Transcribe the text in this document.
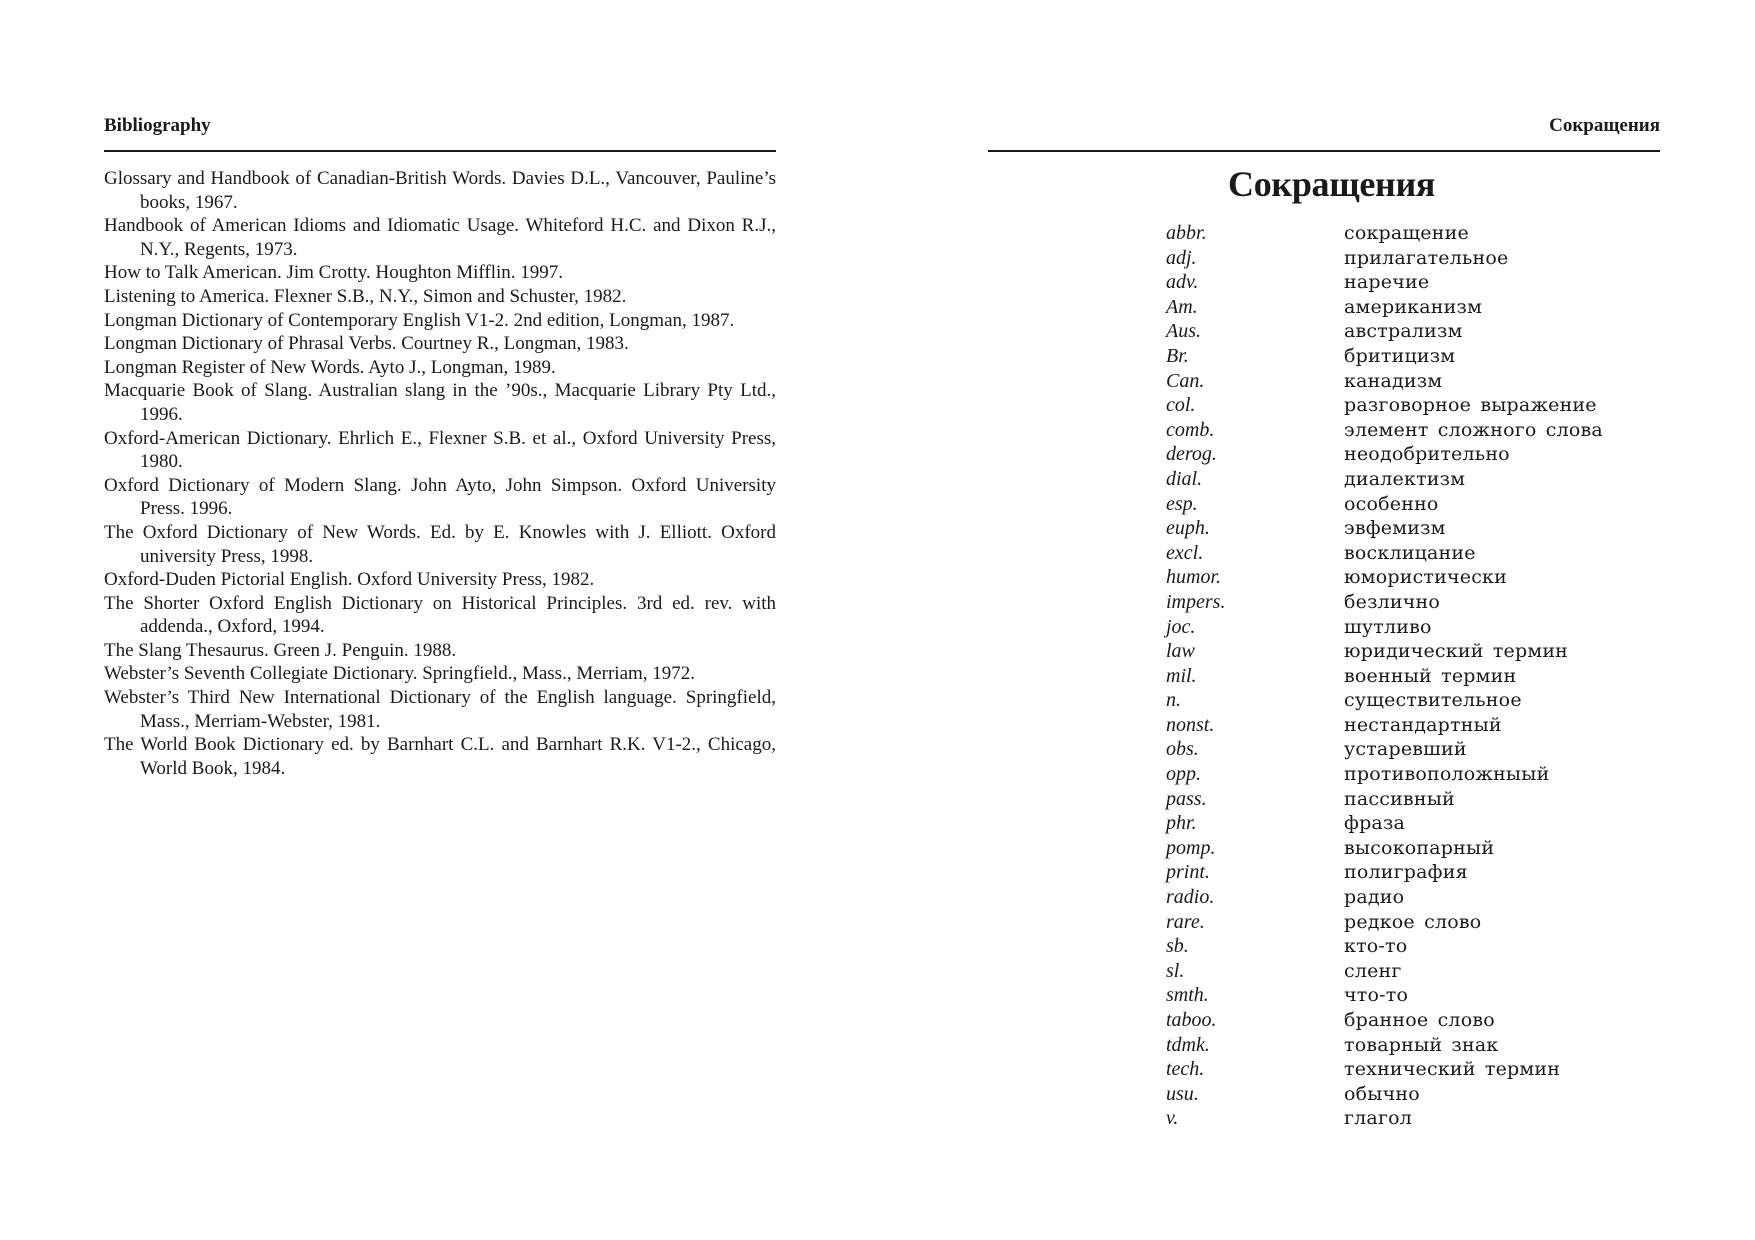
Bibliography
Glossary and Handbook of Canadian-British Words. Davies D.L., Vancouver, Pauline’s books, 1967.
Handbook of American Idioms and Idiomatic Usage. Whiteford H.C. and Dixon R.J., N.Y., Regents, 1973.
How to Talk American. Jim Crotty. Houghton Mifflin. 1997.
Listening to America. Flexner S.B., N.Y., Simon and Schuster, 1982.
Longman Dictionary of Contemporary English V1-2. 2nd edition, Longman, 1987.
Longman Dictionary of Phrasal Verbs. Courtney R., Longman, 1983.
Longman Register of New Words. Ayto J., Longman, 1989.
Macquarie Book of Slang. Australian slang in the ’90s., Macquarie Library Pty Ltd., 1996.
Oxford-American Dictionary. Ehrlich E., Flexner S.B. et al., Oxford University Press, 1980.
Oxford Dictionary of Modern Slang. John Ayto, John Simpson. Oxford University Press. 1996.
The Oxford Dictionary of New Words. Ed. by E. Knowles with J. Elliott. Oxford university Press, 1998.
Oxford-Duden Pictorial English. Oxford University Press, 1982.
The Shorter Oxford English Dictionary on Historical Principles. 3rd ed. rev. with addenda., Oxford, 1994.
The Slang Thesaurus. Green J. Penguin. 1988.
Webster’s Seventh Collegiate Dictionary. Springfield., Mass., Merriam, 1972.
Webster’s Third New International Dictionary of the English language. Springfield, Mass., Merriam-Webster, 1981.
The World Book Dictionary ed. by Barnhart C.L. and Barnhart R.K. V1-2., Chicago, World Book, 1984.
Сокращения
Сокращения
abbr.	сокращение
adj.	прилагательное
adv.	наречие
Am.	американизм
Aus.	австрализм
Br.	бритицизм
Can.	канадизм
col.	разговорное выражение
comb.	элемент сложного слова
derog.	неодобрительно
dial.	диалектизм
esp.	особенно
euph.	эвфемизм
excl.	восклицание
humor.	юмористически
impers.	безлично
joc.	шутливо
law	юридический термин
mil.	военный термин
n.	существительное
nonst.	нестандартный
obs.	устаревший
opp.	противоположныый
pass.	пассивный
phr.	фраза
pomp.	высокопарный
print.	полиграфия
radio.	радио
rare.	редкое слово
sb.	кто-то
sl.	сленг
smth.	что-то
taboo.	бранное слово
tdmk.	товарный знак
tech.	технический термин
usu.	обычно
v.	глагол
